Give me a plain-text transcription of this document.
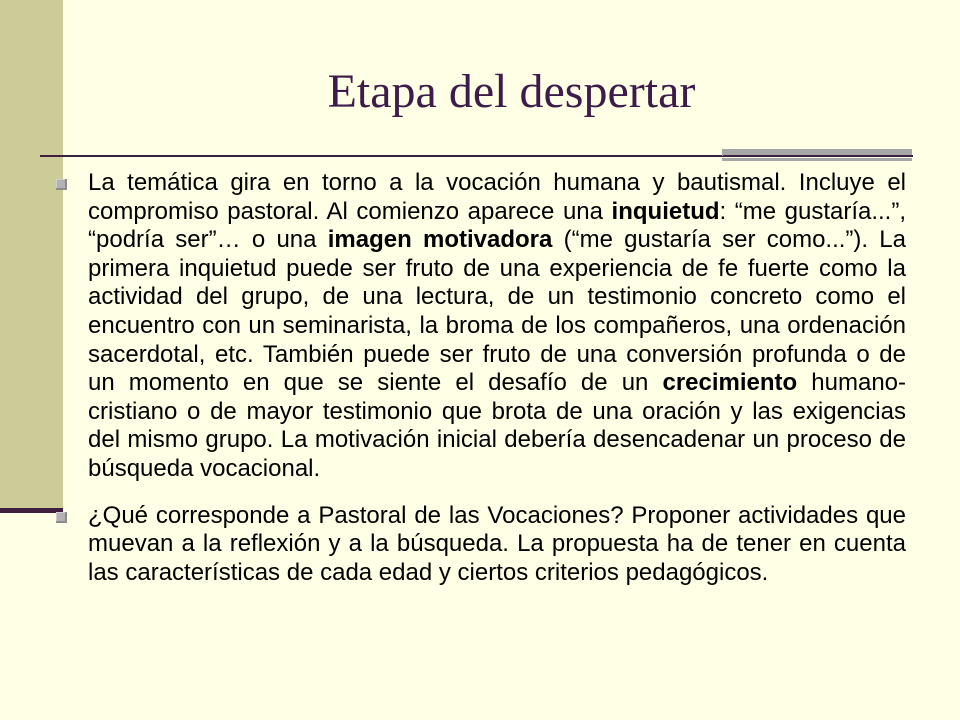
Etapa del despertar
La temática gira en torno a la vocación humana y bautismal. Incluye el compromiso pastoral. Al comienzo aparece una inquietud: “me gustaría...”, “podría ser”… o una imagen motivadora (“me gustaría ser como...”). La primera inquietud puede ser fruto de una experiencia de fe fuerte como la actividad del grupo, de una lectura, de un testimonio concreto como el encuentro con un seminarista, la broma de los compañeros, una ordenación sacerdotal, etc. También puede ser fruto de una conversión profunda o de un momento en que se siente el desafío de un crecimiento humano-cristiano o de mayor testimonio que brota de una oración y las exigencias del mismo grupo. La motivación inicial debería desencadenar un proceso de búsqueda vocacional.
¿Qué corresponde a Pastoral de las Vocaciones? Proponer actividades que muevan a la reflexión y a la búsqueda. La propuesta ha de tener en cuenta las características de cada edad y ciertos criterios pedagógicos.
